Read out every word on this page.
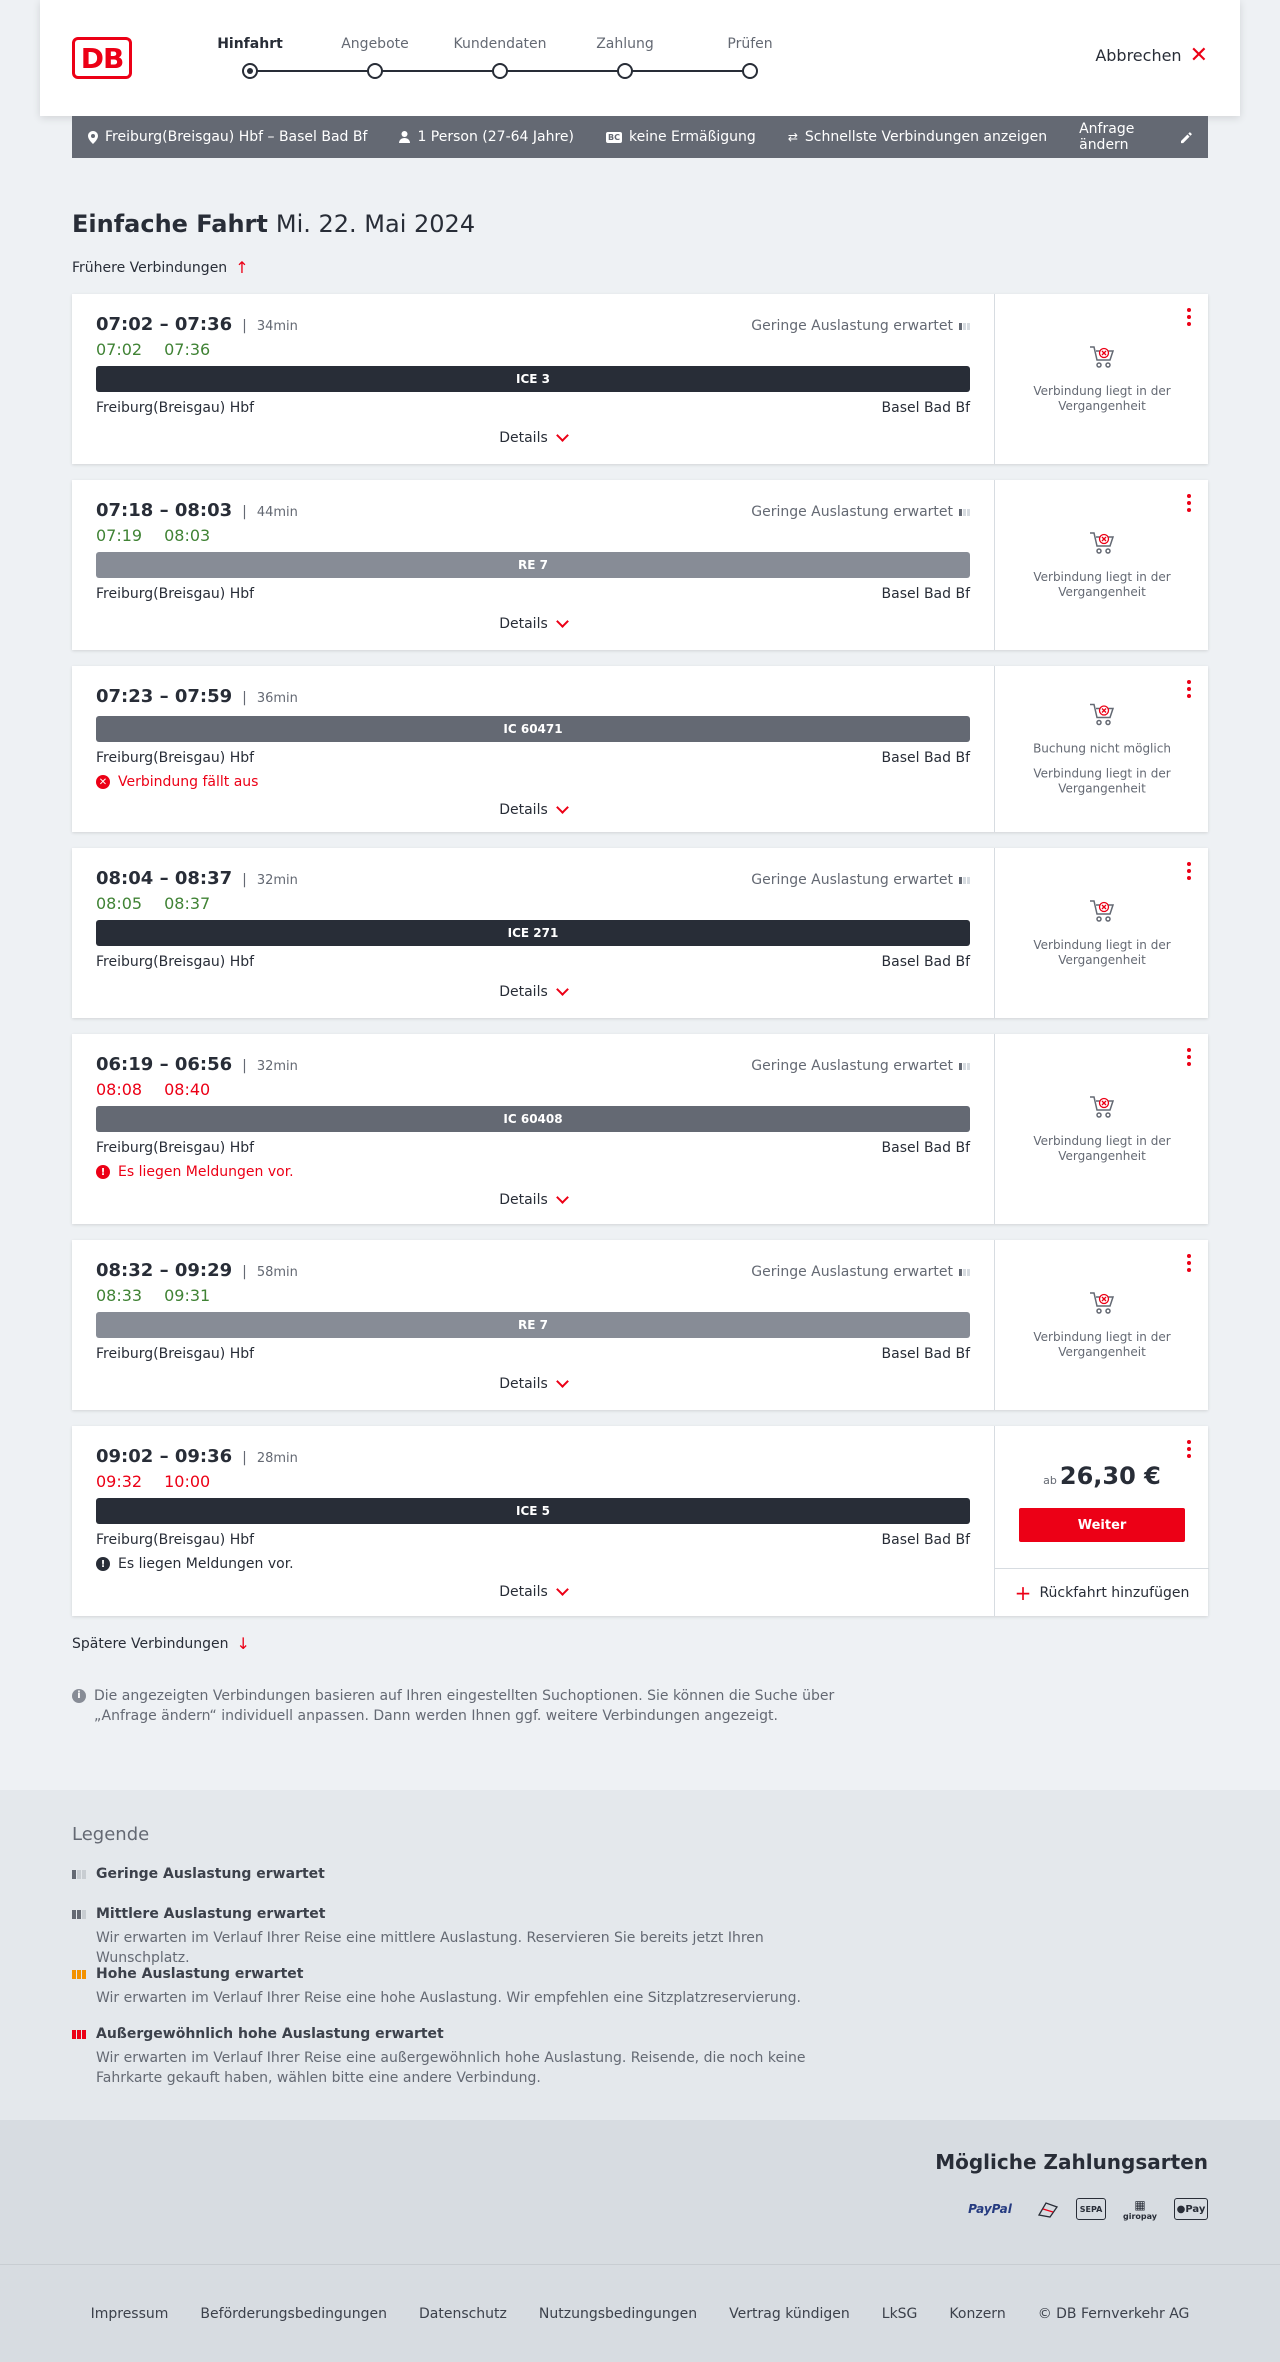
DB	Hinfahrt	Angebote	Kundendaten	Zahlung	Prüfen
Abbrechen ✕
Freiburg(Breisgau) Hbf – Basel Bad Bf	1 Person (27-64 Jahre)	BC keine Ermäßigung	⇄ Schnellste Verbindungen anzeigen Anfrage ändern
Einfache Fahrt Mi. 22. Mai 2024
Frühere Verbindungen ↑
07:02 – 07:36 | 34min
07:02 07:36
Geringe Auslastung erwartet
ICE 3
Freiburg(Breisgau) Hbf	Basel Bad Bf
Details
Verbindung liegt in der Vergangenheit
07:18 – 08:03 | 44min
07:19 08:03
Geringe Auslastung erwartet
RE 7
Freiburg(Breisgau) Hbf	Basel Bad Bf
Details
Verbindung liegt in der Vergangenheit
07:23 – 07:59 | 36min
IC 60471
Freiburg(Breisgau) Hbf	Basel Bad Bf
✕ Verbindung fällt aus
Details
Buchung nicht möglich
Verbindung liegt in der Vergangenheit
08:04 – 08:37 | 32min
08:05 08:37
Geringe Auslastung erwartet
ICE 271
Freiburg(Breisgau) Hbf	Basel Bad Bf
Details
Verbindung liegt in der Vergangenheit
06:19 – 06:56 | 32min
08:08 08:40
Geringe Auslastung erwartet
IC 60408
Freiburg(Breisgau) Hbf	Basel Bad Bf
! Es liegen Meldungen vor.
Details
Verbindung liegt in der Vergangenheit
08:32 – 09:29 | 58min
08:33 09:31
Geringe Auslastung erwartet
RE 7
Freiburg(Breisgau) Hbf	Basel Bad Bf
Details
Verbindung liegt in der Vergangenheit
09:02 – 09:36 | 28min
09:32 10:00
ICE 5
Freiburg(Breisgau) Hbf	Basel Bad Bf
! Es liegen Meldungen vor.
Details
ab 26,30 €
Weiter
+ Rückfahrt hinzufügen
Spätere Verbindungen ↓
i Die angezeigten Verbindungen basieren auf Ihren eingestellten Suchoptionen. Sie können die Suche über „Anfrage ändern“ individuell anpassen. Dann werden Ihnen ggf. weitere Verbindungen angezeigt.
Legende
Geringe Auslastung erwartet
Mittlere Auslastung erwartet
Wir erwarten im Verlauf Ihrer Reise eine mittlere Auslastung. Reservieren Sie bereits jetzt Ihren Wunschplatz.
Hohe Auslastung erwartet
Wir erwarten im Verlauf Ihrer Reise eine hohe Auslastung. Wir empfehlen eine Sitzplatzreservierung.
Außergewöhnlich hohe Auslastung erwartet
Wir erwarten im Verlauf Ihrer Reise eine außergewöhnlich hohe Auslastung. Reisende, die noch keine Fahrkarte gekauft haben, wählen bitte eine andere Verbindung.
Mögliche Zahlungsarten
PayPal	SEPA	▦
giropay
● Pay
Impressum Beförderungsbedingungen Datenschutz Nutzungsbedingungen Vertrag kündigen LkSG Konzern © DB Fernverkehr AG
